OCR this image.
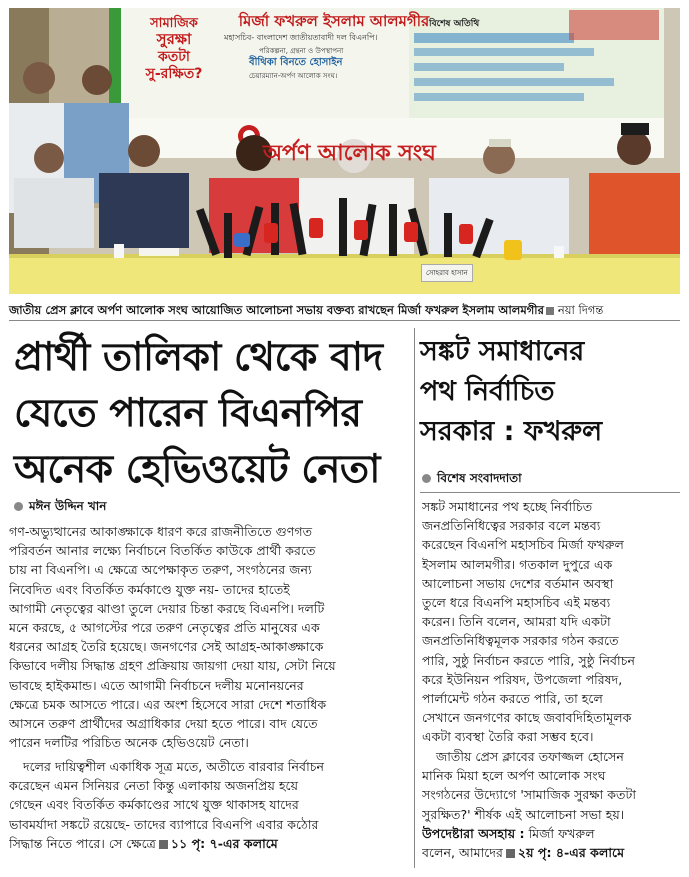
সামাজিক
সুরক্ষা
কতটা
সু-রক্ষিত?
মির্জা ফখরুল ইসলাম আলমগীর
মহাসচিব- বাংলাদেশ জাতীয়তাবাদী দল বিএনপি।
পরিকল্পনা, গ্রন্থনা ও উপস্থাপনা
বীথিকা বিনতে হোসাইন
চেয়ারম্যান-অর্পণ আলোক সংঘ।
বিশেষ অতিথি
অর্পণ আলোক সংঘ
সোহরাব হাসান
জাতীয় প্রেস ক্লাবে অর্পণ আলোক সংঘ আয়োজিত আলোচনা সভায় বক্তব্য রাখছেন মির্জা ফখরুল ইসলাম আলমগীর নয়া দিগন্ত
প্রার্থী তালিকা থেকে বাদ
যেতে পারেন বিএনপির
অনেক হেভিওয়েট নেতা
মঈন উদ্দিন খান
গণ-অভ্যুত্থানের আকাঙ্ক্ষাকে ধারণ করে রাজনীতিতে গুণগত
পরিবর্তন আনার লক্ষ্যে নির্বাচনে বিতর্কিত কাউকে প্রার্থী করতে
চায় না বিএনপি। এ ক্ষেত্রে অপেক্ষাকৃত তরুণ, সংগঠনের জন্য
নিবেদিত এবং বিতর্কিত কর্মকাণ্ডে যুক্ত নয়- তাদের হাতেই
আগামী নেতৃত্বের ঝাণ্ডা তুলে দেয়ার চিন্তা করছে বিএনপি। দলটি
মনে করছে, ৫ আগস্টের পরে তরুণ নেতৃত্বের প্রতি মানুষের এক
ধরনের আগ্রহ তৈরি হয়েছে। জনগণের সেই আগ্রহ-আকাঙ্ক্ষাকে
কিভাবে দলীয় সিদ্ধান্ত গ্রহণ প্রক্রিয়ায় জায়গা দেয়া যায়, সেটা নিয়ে
ভাবছে হাইকমান্ড। এতে আগামী নির্বাচনে দলীয় মনোনয়নের
ক্ষেত্রে চমক আসতে পারে। এর অংশ হিসেবে সারা দেশে শতাধিক
আসনে তরুণ প্রার্থীদের অগ্রাধিকার দেয়া হতে পারে। বাদ যেতে
পারেন দলটির পরিচিত অনেক হেভিওয়েট নেতা।
দলের দায়িত্বশীল একাধিক সূত্র মতে, অতীতে বারবার নির্বাচন
করেছেন এমন সিনিয়র নেতা কিন্তু এলাকায় অজনপ্রিয় হয়ে
গেছেন এবং বিতর্কিত কর্মকাণ্ডের সাথে যুক্ত থাকাসহ যাদের
ভাবমর্যাদা সঙ্কটে রয়েছে- তাদের ব্যাপারে বিএনপি এবার কঠোর
সিদ্ধান্ত নিতে পারে। সে ক্ষেত্রে ১১ পৃ: ৭-এর কলামে
সঙ্কট সমাধানের
পথ নির্বাচিত
সরকার : ফখরুল
বিশেষ সংবাদদাতা
সঙ্কট সমাধানের পথ হচ্ছে নির্বাচিত
জনপ্রতিনিধিত্বের সরকার বলে মন্তব্য
করেছেন বিএনপি মহাসচিব মির্জা ফখরুল
ইসলাম আলমগীর। গতকাল দুপুরে এক
আলোচনা সভায় দেশের বর্তমান অবস্থা
তুলে ধরে বিএনপি মহাসচিব এই মন্তব্য
করেন। তিনি বলেন, আমরা যদি একটা
জনপ্রতিনিধিত্বমূলক সরকার গঠন করতে
পারি, সুষ্ঠু নির্বাচন করতে পারি, সুষ্ঠু নির্বাচন
করে ইউনিয়ন পরিষদ, উপজেলা পরিষদ,
পার্লামেন্ট গঠন করতে পারি, তা হলে
সেখানে জনগণের কাছে জবাবদিহিতামূলক
একটা ব্যবস্থা তৈরি করা সম্ভব হবে।
জাতীয় প্রেস ক্লাবের তফাজ্জল হোসেন
মানিক মিয়া হলে অর্পণ আলোক সংঘ
সংগঠনের উদ্যোগে 'সামাজিক সুরক্ষা কতটা
সুরক্ষিত?' শীর্ষক এই আলোচনা সভা হয়।
উপদেষ্টারা অসহায় : মির্জা ফখরুল
বলেন, আমাদের ২য় পৃ: ৪-এর কলামে
